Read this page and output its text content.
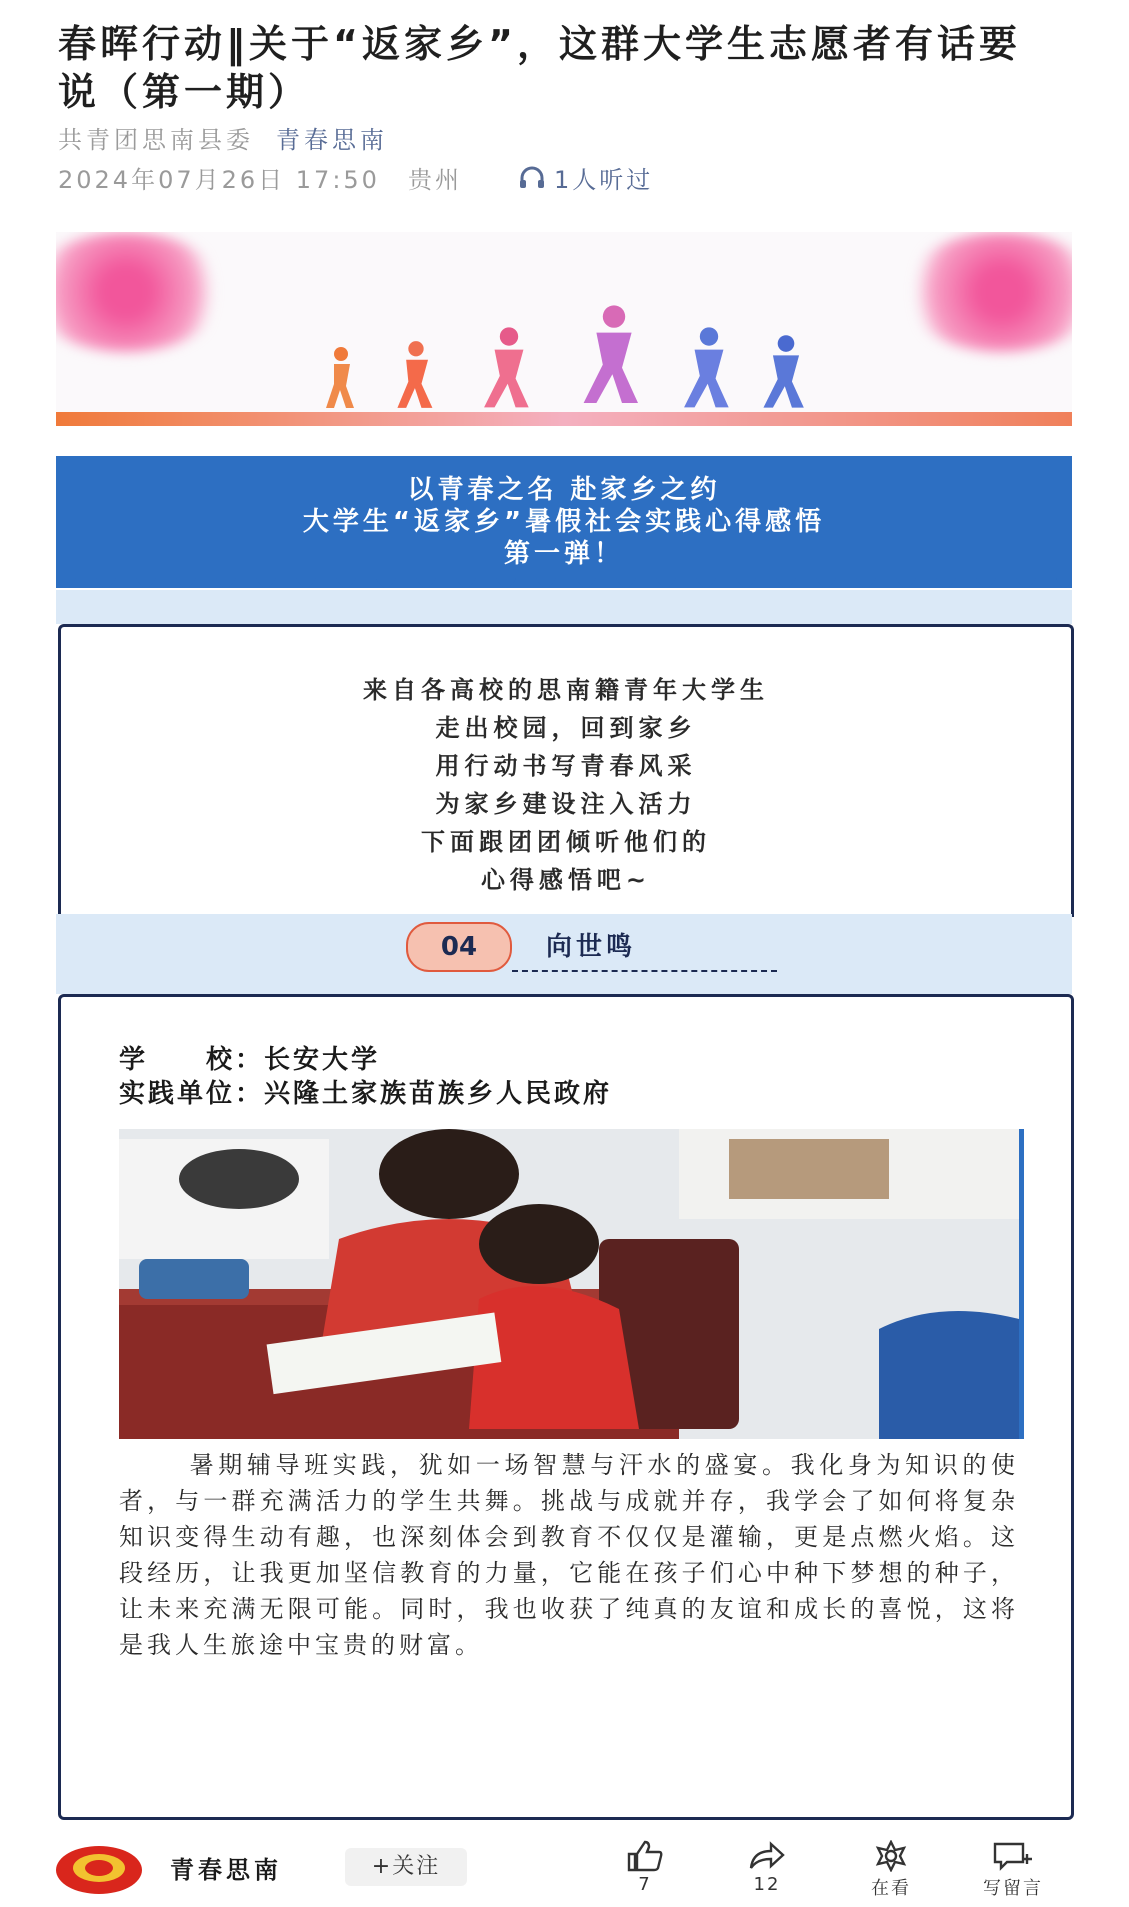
春晖行动‖关于“返家乡”，这群大学生志愿者有话要说（第一期）
共青团思南县委 青春思南
2024年07月26日 17:50 贵州	1人听过
以青春之名 赴家乡之约
大学生“返家乡”暑假社会实践心得感悟
第一弹！
来自各高校的思南籍青年大学生
走出校园，回到家乡
用行动书写青春风采
为家乡建设注入活力
下面跟团团倾听他们的
心得感悟吧~
04	向世鸣
学　　校：长安大学
实践单位：兴隆土家族苗族乡人民政府
暑期辅导班实践，犹如一场智慧与汗水的盛宴。我化身为知识的使者，与一群充满活力的学生共舞。挑战与成就并存，我学会了如何将复杂知识变得生动有趣，也深刻体会到教育不仅仅是灌输，更是点燃火焰。这段经历，让我更加坚信教育的力量，它能在孩子们心中种下梦想的种子，让未来充满无限可能。同时，我也收获了纯真的友谊和成长的喜悦，这将是我人生旅途中宝贵的财富。
青春思南	+关注
7	12	在看	写留言
